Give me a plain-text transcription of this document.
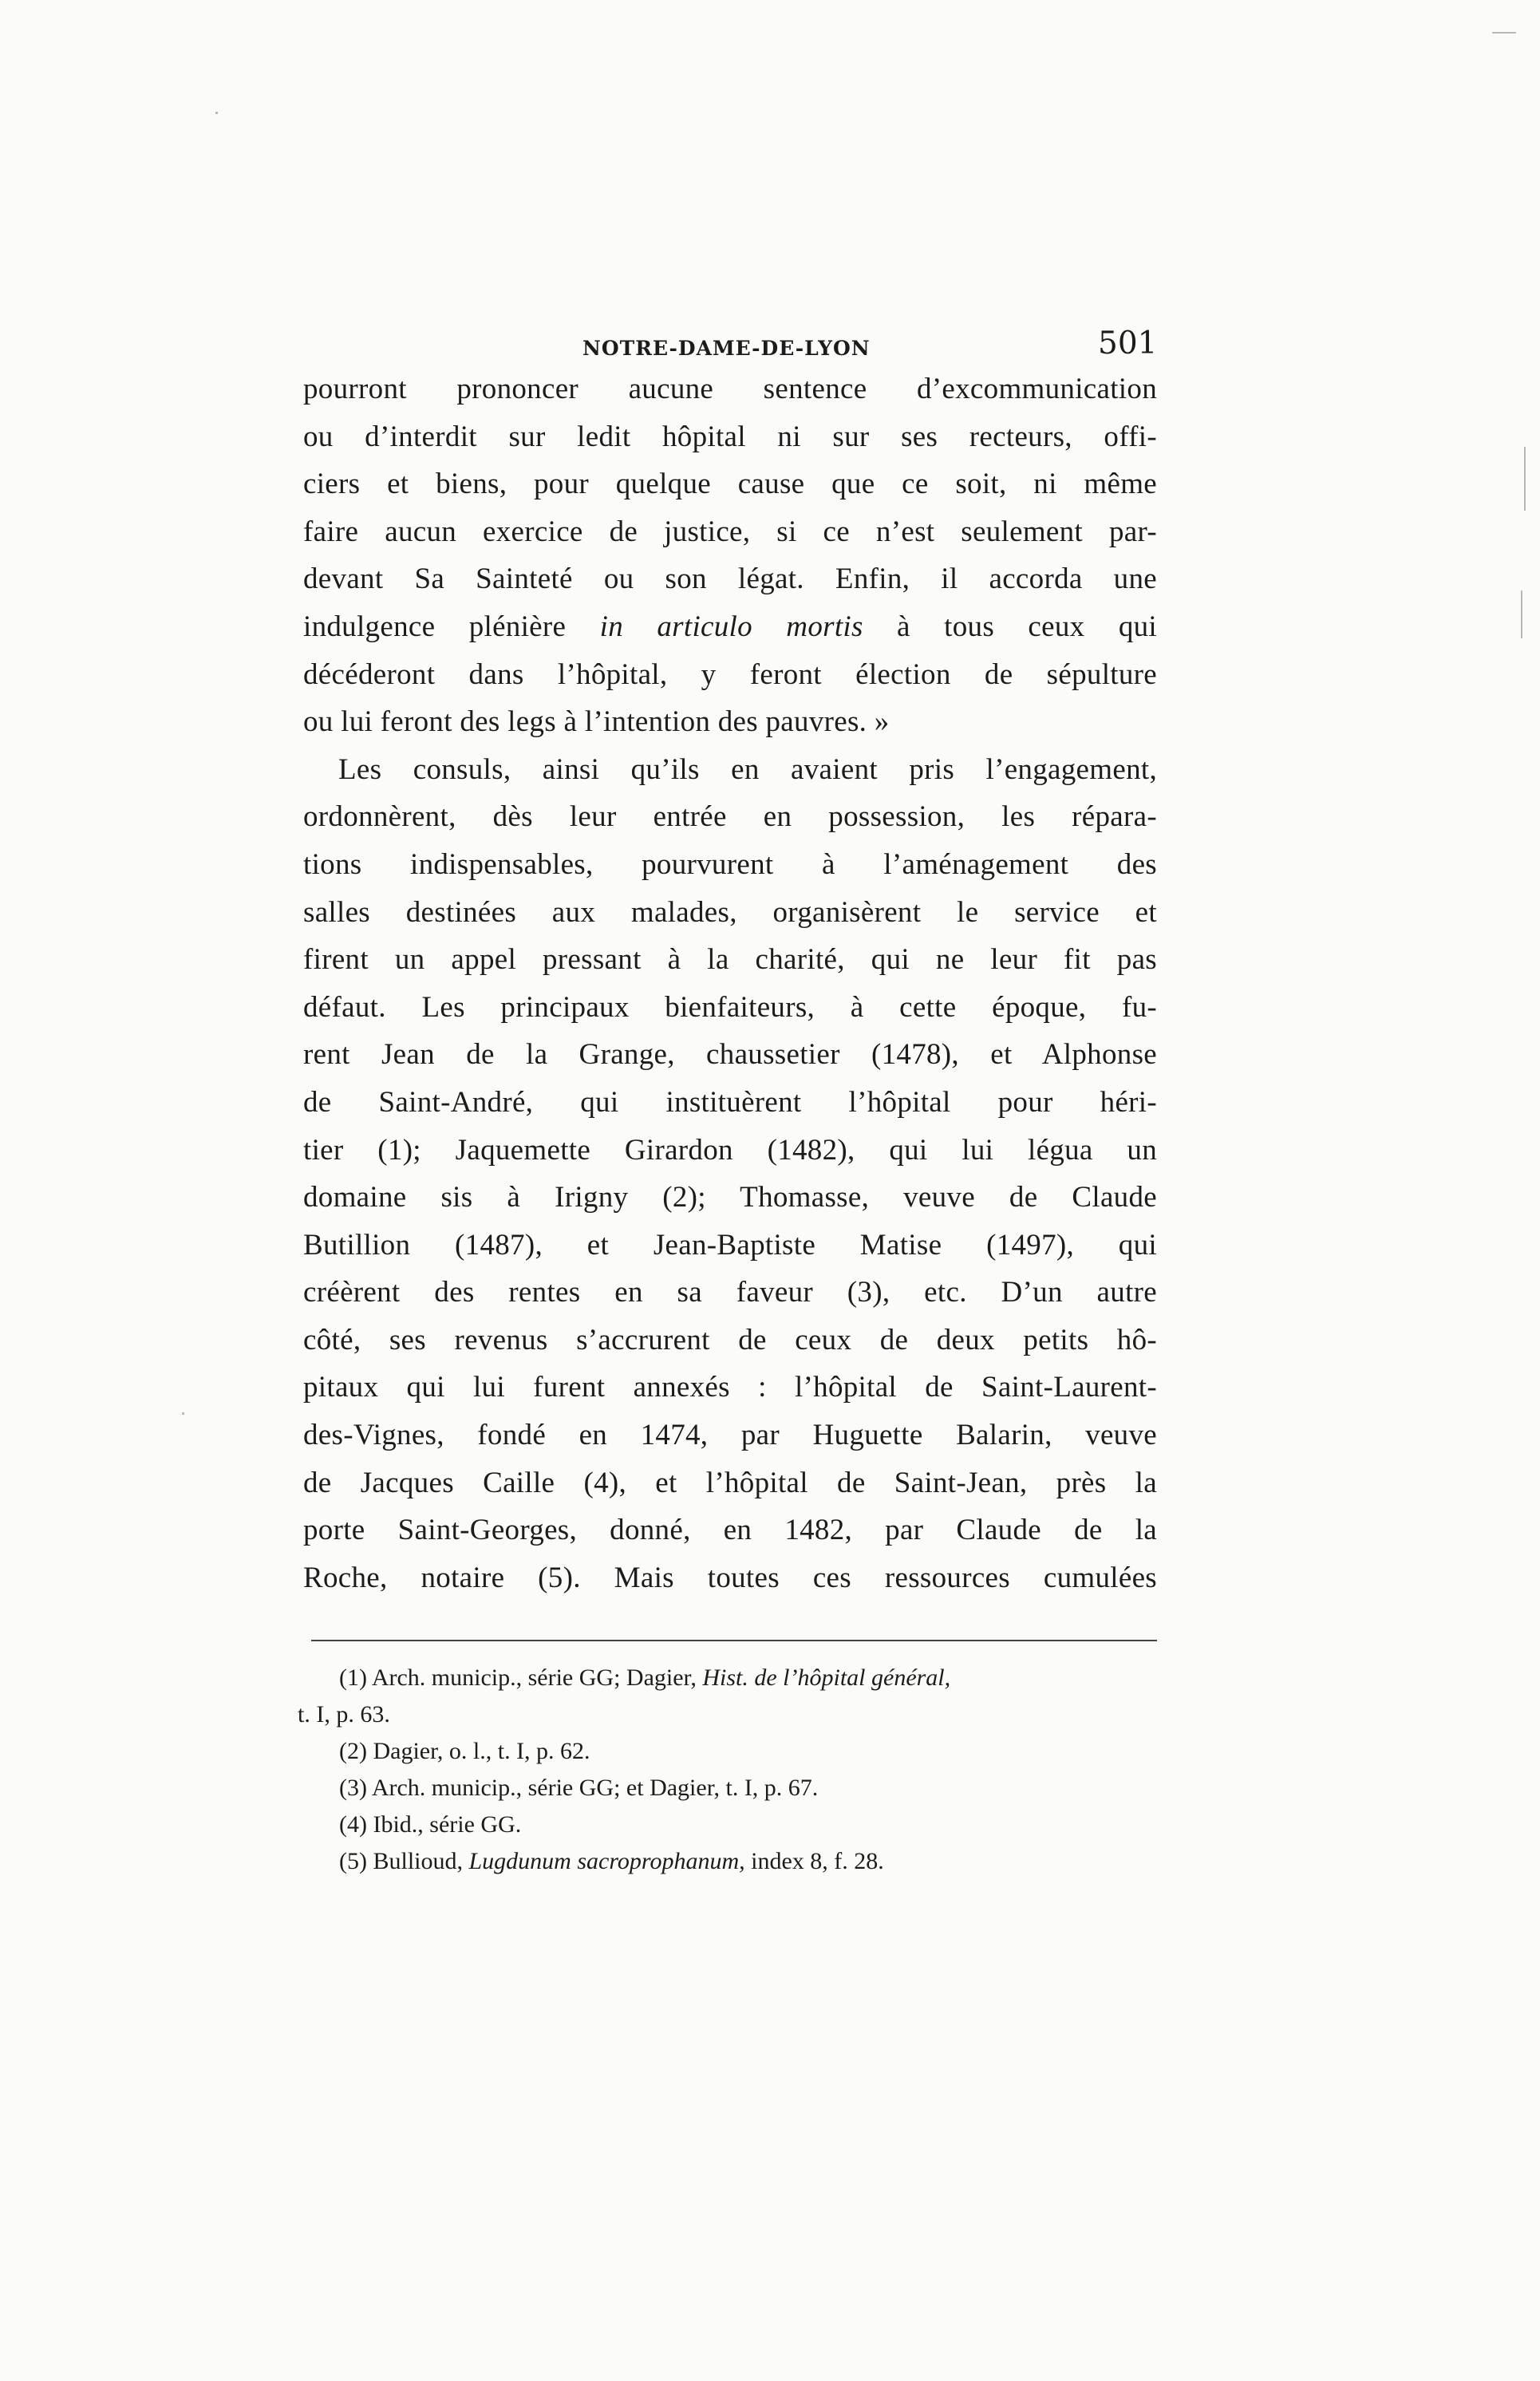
NOTRE-DAME-DE-LYON	501
pourront prononcer aucune sentence d’excommunication
ou d’interdit sur ledit hôpital ni sur ses recteurs, offi-
ciers et biens, pour quelque cause que ce soit, ni même
faire aucun exercice de justice, si ce n’est seulement par-
devant Sa Sainteté ou son légat. Enfin, il accorda une
indulgence plénière in articulo mortis à tous ceux qui
décéderont dans l’hôpital, y feront élection de sépulture
ou lui feront des legs à l’intention des pauvres. »
Les consuls, ainsi qu’ils en avaient pris l’engagement,
ordonnèrent, dès leur entrée en possession, les répara-
tions indispensables, pourvurent à l’aménagement des
salles destinées aux malades, organisèrent le service et
firent un appel pressant à la charité, qui ne leur fit pas
défaut. Les principaux bienfaiteurs, à cette époque, fu-
rent Jean de la Grange, chaussetier (1478), et Alphonse
de Saint-André, qui instituèrent l’hôpital pour héri-
tier (1); Jaquemette Girardon (1482), qui lui légua un
domaine sis à Irigny (2); Thomasse, veuve de Claude
Butillion (1487), et Jean-Baptiste Matise (1497), qui
créèrent des rentes en sa faveur (3), etc. D’un autre
côté, ses revenus s’accrurent de ceux de deux petits hô-
pitaux qui lui furent annexés : l’hôpital de Saint-Laurent-
des-Vignes, fondé en 1474, par Huguette Balarin, veuve
de Jacques Caille (4), et l’hôpital de Saint-Jean, près la
porte Saint-Georges, donné, en 1482, par Claude de la
Roche, notaire (5). Mais toutes ces ressources cumulées
(1) Arch. municip., série GG; Dagier, Hist. de l’hôpital général,
t. I, p. 63.
(2) Dagier, o. l., t. I, p. 62.
(3) Arch. municip., série GG; et Dagier, t. I, p. 67.
(4) Ibid., série GG.
(5) Bullioud, Lugdunum sacroprophanum, index 8, f. 28.
